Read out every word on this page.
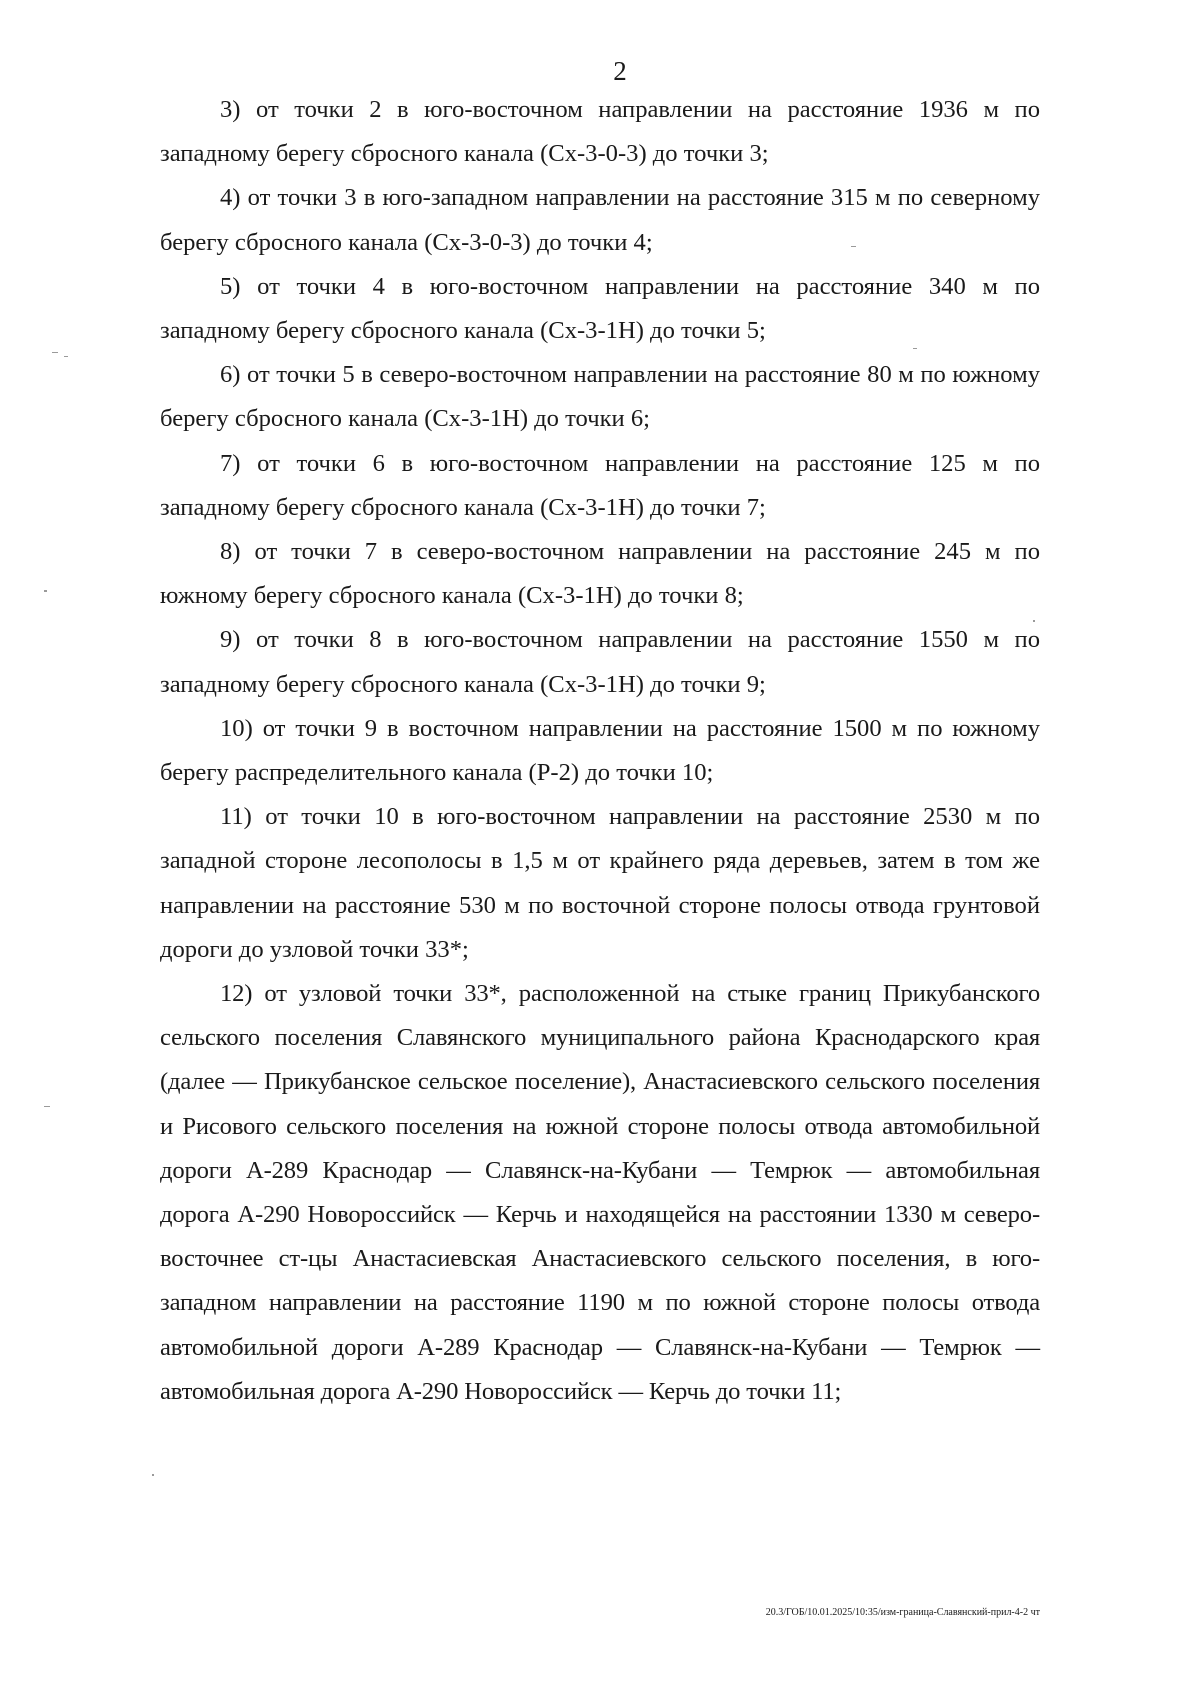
2

3) от точки 2 в юго-восточном направлении на расстояние 1936 м по западному берегу сбросного канала (Сх-3-0-3) до точки 3;

4) от точки 3 в юго-западном направлении на расстояние 315 м по северному берегу сбросного канала (Сх-3-0-3) до точки 4;

5) от точки 4 в юго-восточном направлении на расстояние 340 м по западному берегу сбросного канала (Сх-3-1Н) до точки 5;

6) от точки 5 в северо-восточном направлении на расстояние 80 м по южному берегу сбросного канала (Сх-3-1Н) до точки 6;

7) от точки 6 в юго-восточном направлении на расстояние 125 м по западному берегу сбросного канала (Сх-3-1Н) до точки 7;

8) от точки 7 в северо-восточном направлении на расстояние 245 м по южному берегу сбросного канала (Сх-3-1Н) до точки 8;

9) от точки 8 в юго-восточном направлении на расстояние 1550 м по западному берегу сбросного канала (Сх-3-1Н) до точки 9;

10) от точки 9 в восточном направлении на расстояние 1500 м по южному берегу распределительного канала (Р-2) до точки 10;

11) от точки 10 в юго-восточном направлении на расстояние 2530 м по западной стороне лесополосы в 1,5 м от крайнего ряда деревьев, затем в том же направлении на расстояние 530 м по восточной стороне полосы отвода грунтовой дороги до узловой точки 33*;

12) от узловой точки 33*, расположенной на стыке границ Прикубанского сельского поселения Славянского муниципального района Краснодарского края (далее — Прикубанское сельское поселение), Анастасиевского сельского поселения и Рисового сельского поселения на южной стороне полосы отвода автомобильной дороги А-289 Краснодар — Славянск-на-Кубани — Темрюк — автомобильная дорога А-290 Новороссийск — Керчь и находящейся на расстоянии 1330 м северо-восточнее ст-цы Анастасиевская Анастасиевского сельского поселения, в юго-западном направлении на расстояние 1190 м по южной стороне полосы отвода автомобильной дороги А-289 Краснодар — Славянск-на-Кубани — Темрюк — автомобильная дорога А-290 Новороссийск — Керчь до точки 11;

20.3/ГОБ/10.01.2025/10:35/изм-граница-Славянский-прил-4-2 чт
